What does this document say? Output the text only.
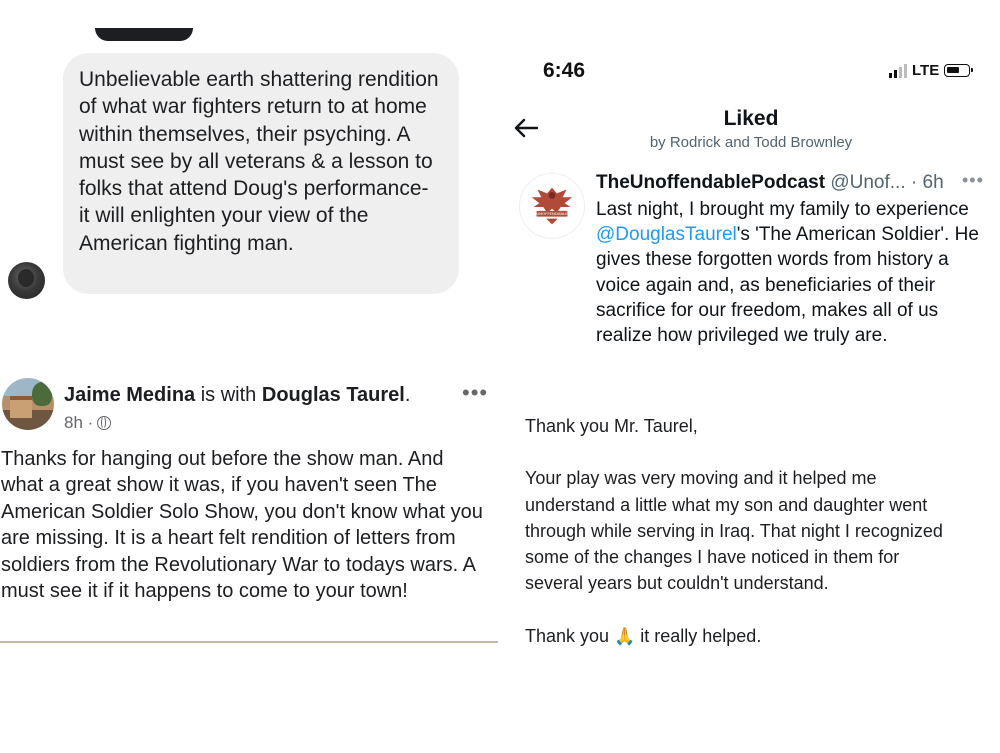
Unbelievable earth shattering rendition of what war fighters return to at home within themselves, their psyching. A must see by all veterans & a lesson to folks that attend Doug's performance- it will enlighten your view of the American fighting man.
Jaime Medina is with Douglas Taurel.
8h ·
•••
Thanks for hanging out before the show man. And what a great show it was, if you haven't seen The American Soldier Solo Show, you don't know what you are missing. It is a heart felt rendition of letters from soldiers from the Revolutionary War to todays wars. A must see it if it happens to come to your town!
6:46	LTE
Liked
by Rodrick and Todd Brownley
UNOFFENDABLE
TheUnoffendablePodcast @Unof... · 6h •••
Last night, I brought my family to experience @DouglasTaurel's 'The American Soldier'. He gives these forgotten words from history a voice again and, as beneficiaries of their sacrifice for our freedom, makes all of us realize how privileged we truly are.

Thank you Mr. Taurel,

Your play was very moving and it helped me understand a little what my son and daughter went through while serving in Iraq. That night I recognized some of the changes I have noticed in them for several years but couldn't understand.

Thank you 🙏 it really helped.
